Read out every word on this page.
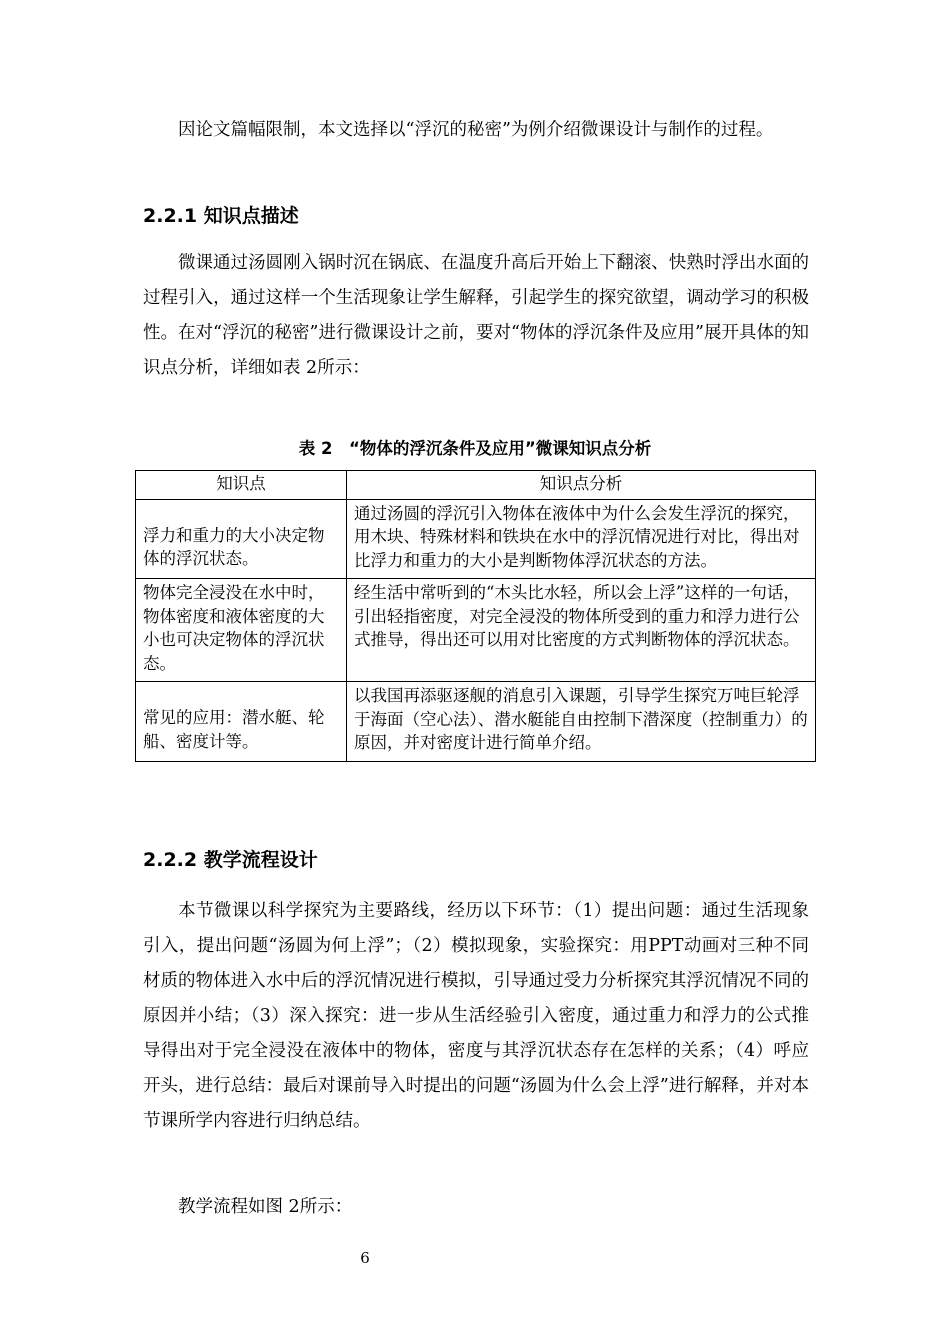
因论文篇幅限制，本文选择以“浮沉的秘密”为例介绍微课设计与制作的过程。

2.2.1 知识点描述

微课通过汤圆刚入锅时沉在锅底、在温度升高后开始上下翻滚、快熟时浮出水面的过程引入，通过这样一个生活现象让学生解释，引起学生的探究欲望，调动学习的积极性。在对“浮沉的秘密”进行微课设计之前，要对“物体的浮沉条件及应用”展开具体的知识点分析，详细如表 2所示：

表 2　“物体的浮沉条件及应用”微课知识点分析

知识点	知识点分析
浮力和重力的大小决定物体的浮沉状态。	通过汤圆的浮沉引入物体在液体中为什么会发生浮沉的探究，用木块、特殊材料和铁块在水中的浮沉情况进行对比，得出对比浮力和重力的大小是判断物体浮沉状态的方法。
物体完全浸没在水中时，物体密度和液体密度的大小也可决定物体的浮沉状态。	经生活中常听到的“木头比水轻，所以会上浮”这样的一句话，引出轻指密度，对完全浸没的物体所受到的重力和浮力进行公式推导，得出还可以用对比密度的方式判断物体的浮沉状态。
常见的应用：潜水艇、轮船、密度计等。	以我国再添驱逐舰的消息引入课题，引导学生探究万吨巨轮浮于海面（空心法）、潜水艇能自由控制下潜深度（控制重力）的原因，并对密度计进行简单介绍。
2.2.2 教学流程设计

本节微课以科学探究为主要路线，经历以下环节：（1）提出问题：通过生活现象引入，提出问题“汤圆为何上浮”；（2）模拟现象，实验探究：用PPT动画对三种不同材质的物体进入水中后的浮沉情况进行模拟，引导通过受力分析探究其浮沉情况不同的原因并小结；（3）深入探究：进一步从生活经验引入密度，通过重力和浮力的公式推导得出对于完全浸没在液体中的物体，密度与其浮沉状态存在怎样的关系；（4）呼应开头，进行总结：最后对课前导入时提出的问题“汤圆为什么会上浮”进行解释，并对本节课所学内容进行归纳总结。

教学流程如图 2所示：

6
